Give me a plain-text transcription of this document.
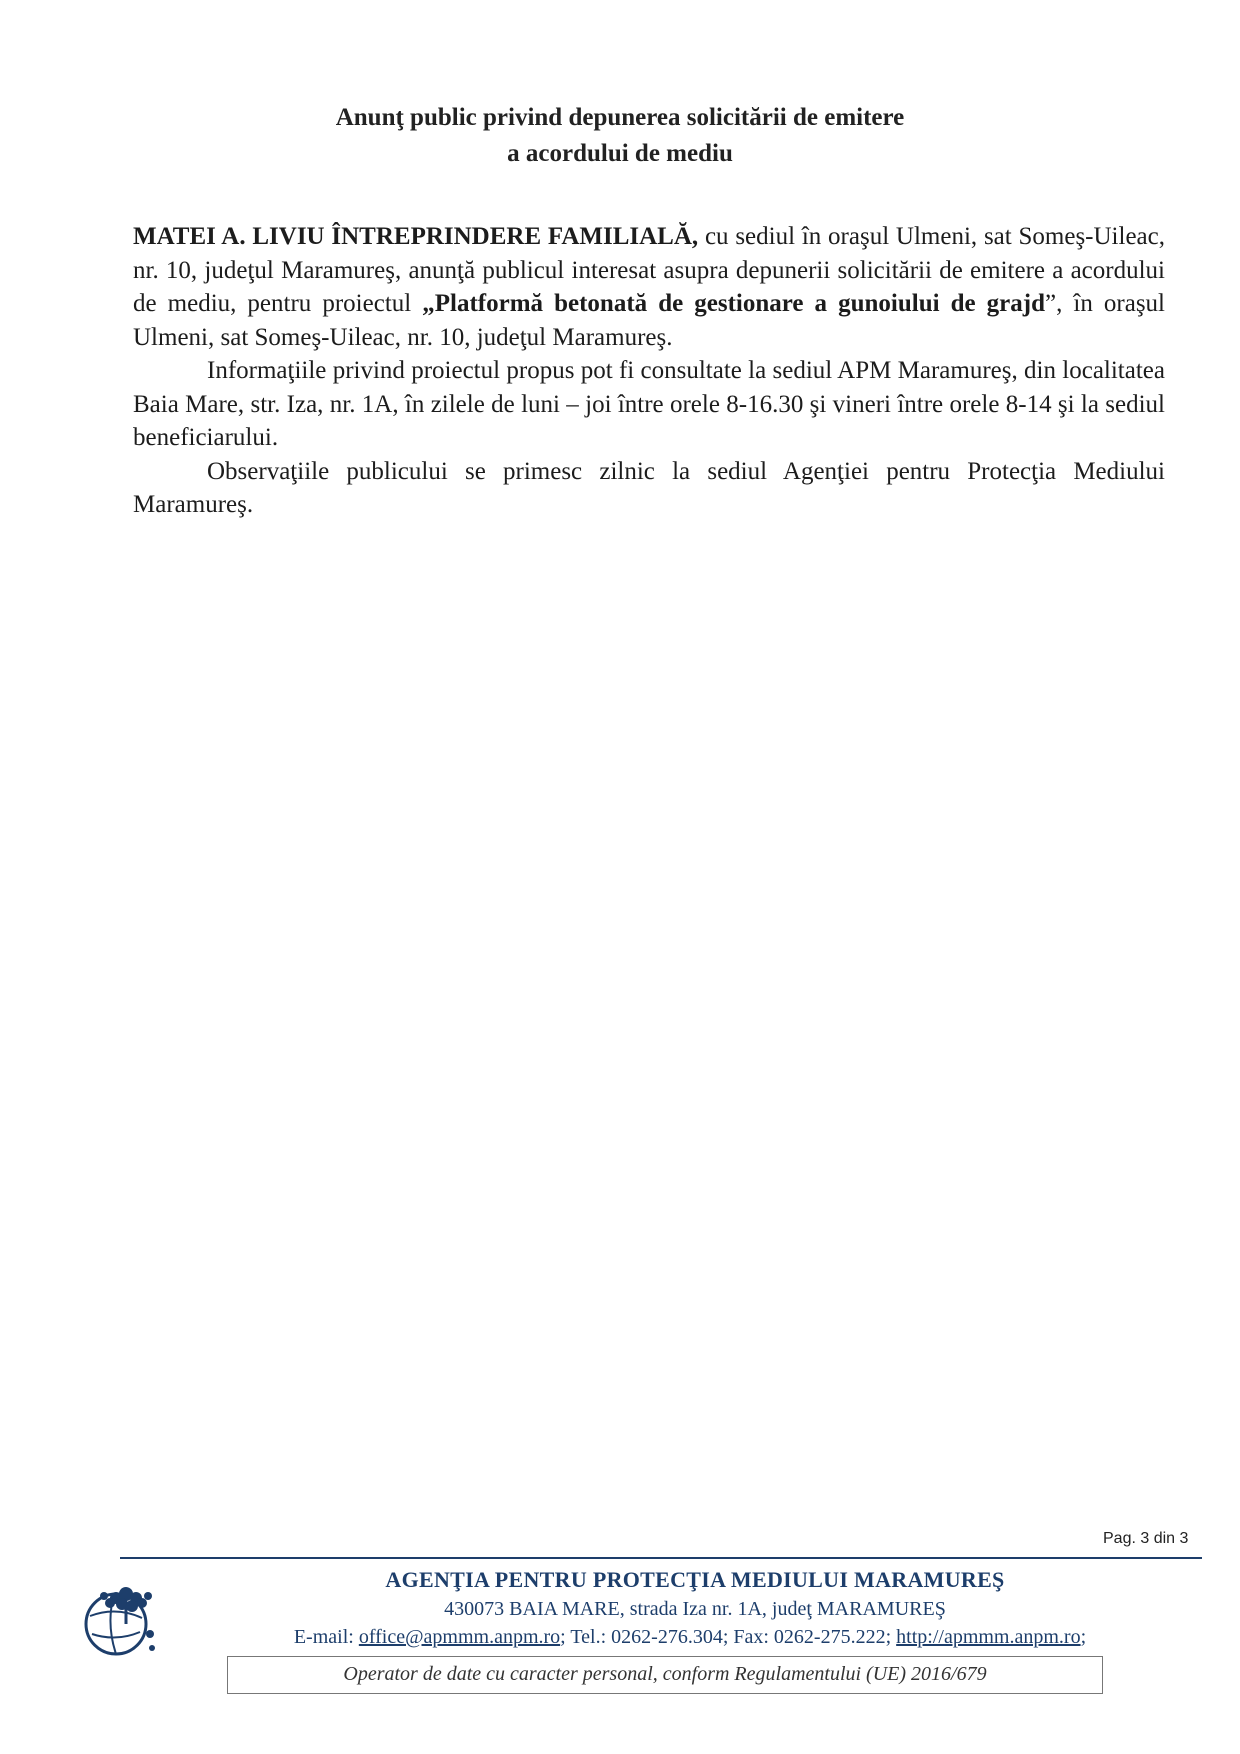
Anunţ public privind depunerea solicitării de emitere
a acordului de mediu

MATEI A. LIVIU ÎNTREPRINDERE FAMILIALĂ, cu sediul în oraşul Ulmeni, sat Someş-Uileac, nr. 10, judeţul Maramureş, anunţă publicul interesat asupra depunerii solicitării de emitere a acordului de mediu, pentru proiectul „Platformă betonată de gestionare a gunoiului de grajd”, în oraşul Ulmeni, sat Someş-Uileac, nr. 10, judeţul Maramureş.

Informaţiile privind proiectul propus pot fi consultate la sediul APM Maramureş, din localitatea Baia Mare, str. Iza, nr. 1A, în zilele de luni – joi între orele 8-16.30 şi vineri între orele 8-14 şi la sediul beneficiarului.

Observaţiile publicului se primesc zilnic la sediul Agenţiei pentru Protecţia Mediului Maramureş.

Pag. 3 din 3
AGENŢIA PENTRU PROTECŢIA MEDIULUI MARAMUREŞ
430073 BAIA MARE, strada Iza nr. 1A, judeţ MARAMUREŞ
E-mail: office@apmmm.anpm.ro; Tel.: 0262-276.304; Fax: 0262-275.222; http://apmmm.anpm.ro;
Operator de date cu caracter personal, conform Regulamentului (UE) 2016/679
